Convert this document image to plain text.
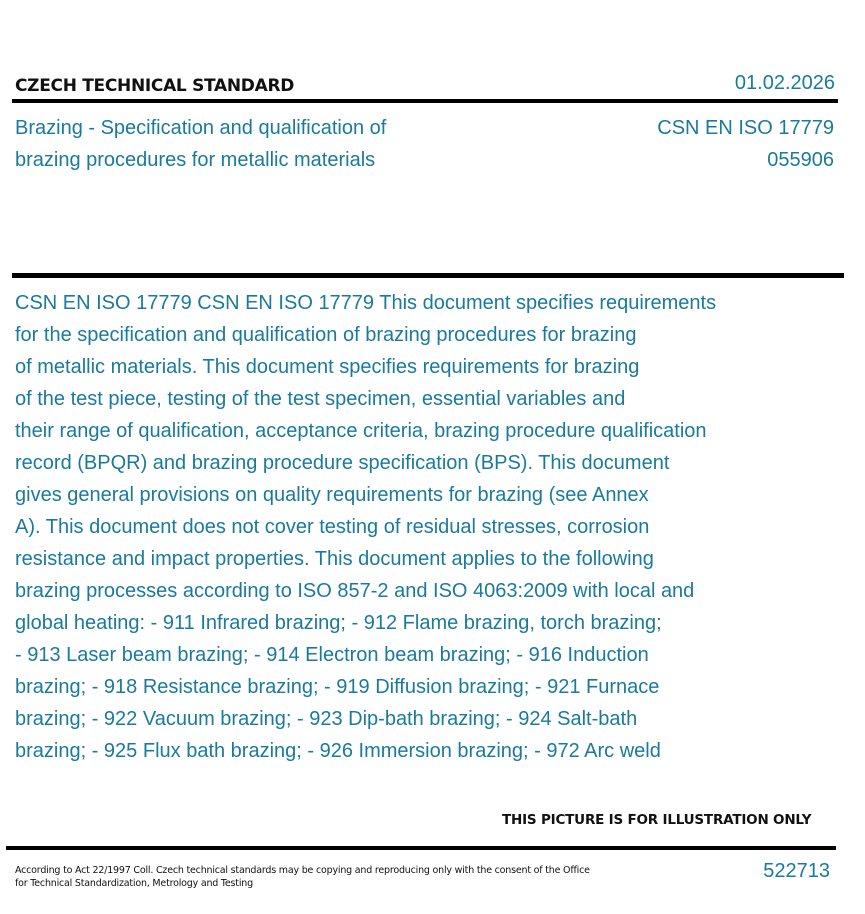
CZECH TECHNICAL STANDARD	01.02.2026
Brazing - Specification and qualification of
brazing procedures for metallic materials
CSN EN ISO 17779
055906
CSN EN ISO 17779 CSN EN ISO 17779 This document specifies requirements
for the specification and qualification of brazing procedures for brazing
of metallic materials. This document specifies requirements for brazing
of the test piece, testing of the test specimen, essential variables and
their range of qualification, acceptance criteria, brazing procedure qualification
record (BPQR) and brazing procedure specification (BPS). This document
gives general provisions on quality requirements for brazing (see Annex
A). This document does not cover testing of residual stresses, corrosion
resistance and impact properties. This document applies to the following
brazing processes according to ISO 857-2 and ISO 4063:2009 with local and
global heating: - 911 Infrared brazing; - 912 Flame brazing, torch brazing;
- 913 Laser beam brazing; - 914 Electron beam brazing; - 916 Induction
brazing; - 918 Resistance brazing; - 919 Diffusion brazing; - 921 Furnace
brazing; - 922 Vacuum brazing; - 923 Dip-bath brazing; - 924 Salt-bath
brazing; - 925 Flux bath brazing; - 926 Immersion brazing; - 972 Arc weld
THIS PICTURE IS FOR ILLUSTRATION ONLY
According to Act 22/1997 Coll. Czech technical standards may be copying and reproducing only with the consent of the Office
for Technical Standardization, Metrology and Testing
522713
